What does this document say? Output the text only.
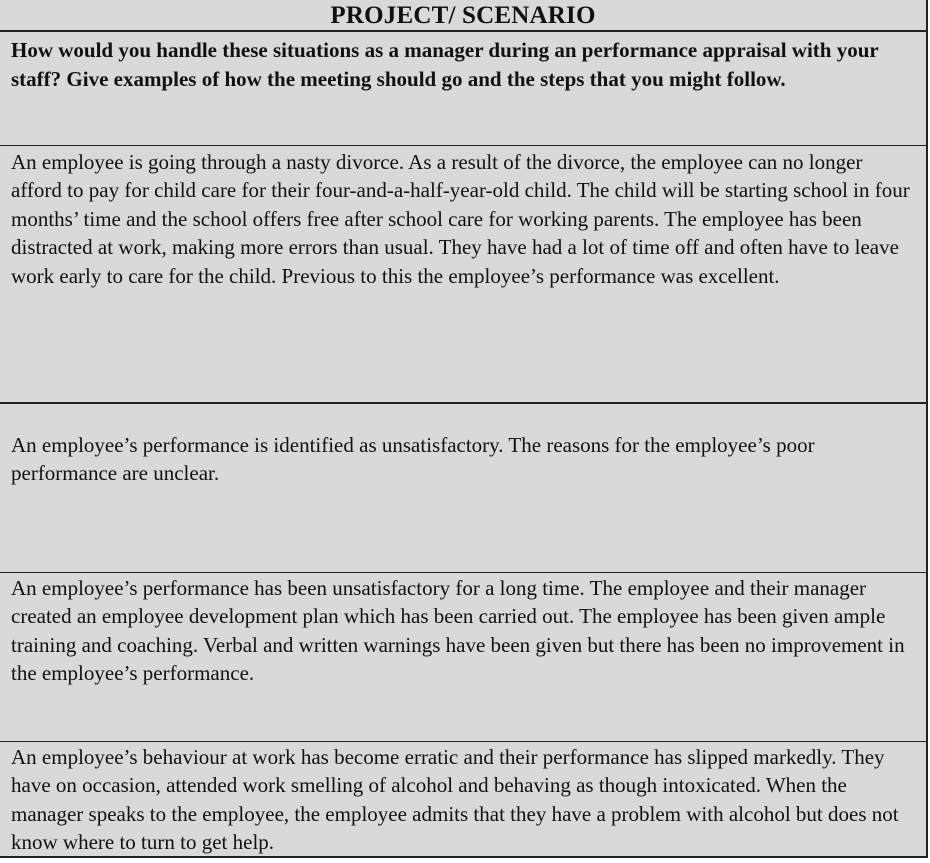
PROJECT/ SCENARIO
How would you handle these situations as a manager during an performance appraisal with your staff? Give examples of how the meeting should go and the steps that you might follow.
An employee is going through a nasty divorce. As a result of the divorce, the employee can no longer afford to pay for child care for their four-and-a-half-year-old child. The child will be starting school in four months’ time and the school offers free after school care for working parents. The employee has been distracted at work, making more errors than usual. They have had a lot of time off and often have to leave work early to care for the child. Previous to this the employee’s performance was excellent.
An employee’s performance is identified as unsatisfactory. The reasons for the employee’s poor performance are unclear.
An employee’s performance has been unsatisfactory for a long time. The employee and their manager created an employee development plan which has been carried out. The employee has been given ample training and coaching. Verbal and written warnings have been given but there has been no improvement in the employee’s performance.
An employee’s behaviour at work has become erratic and their performance has slipped markedly. They have on occasion, attended work smelling of alcohol and behaving as though intoxicated. When the manager speaks to the employee, the employee admits that they have a problem with alcohol but does not know where to turn to get help.
